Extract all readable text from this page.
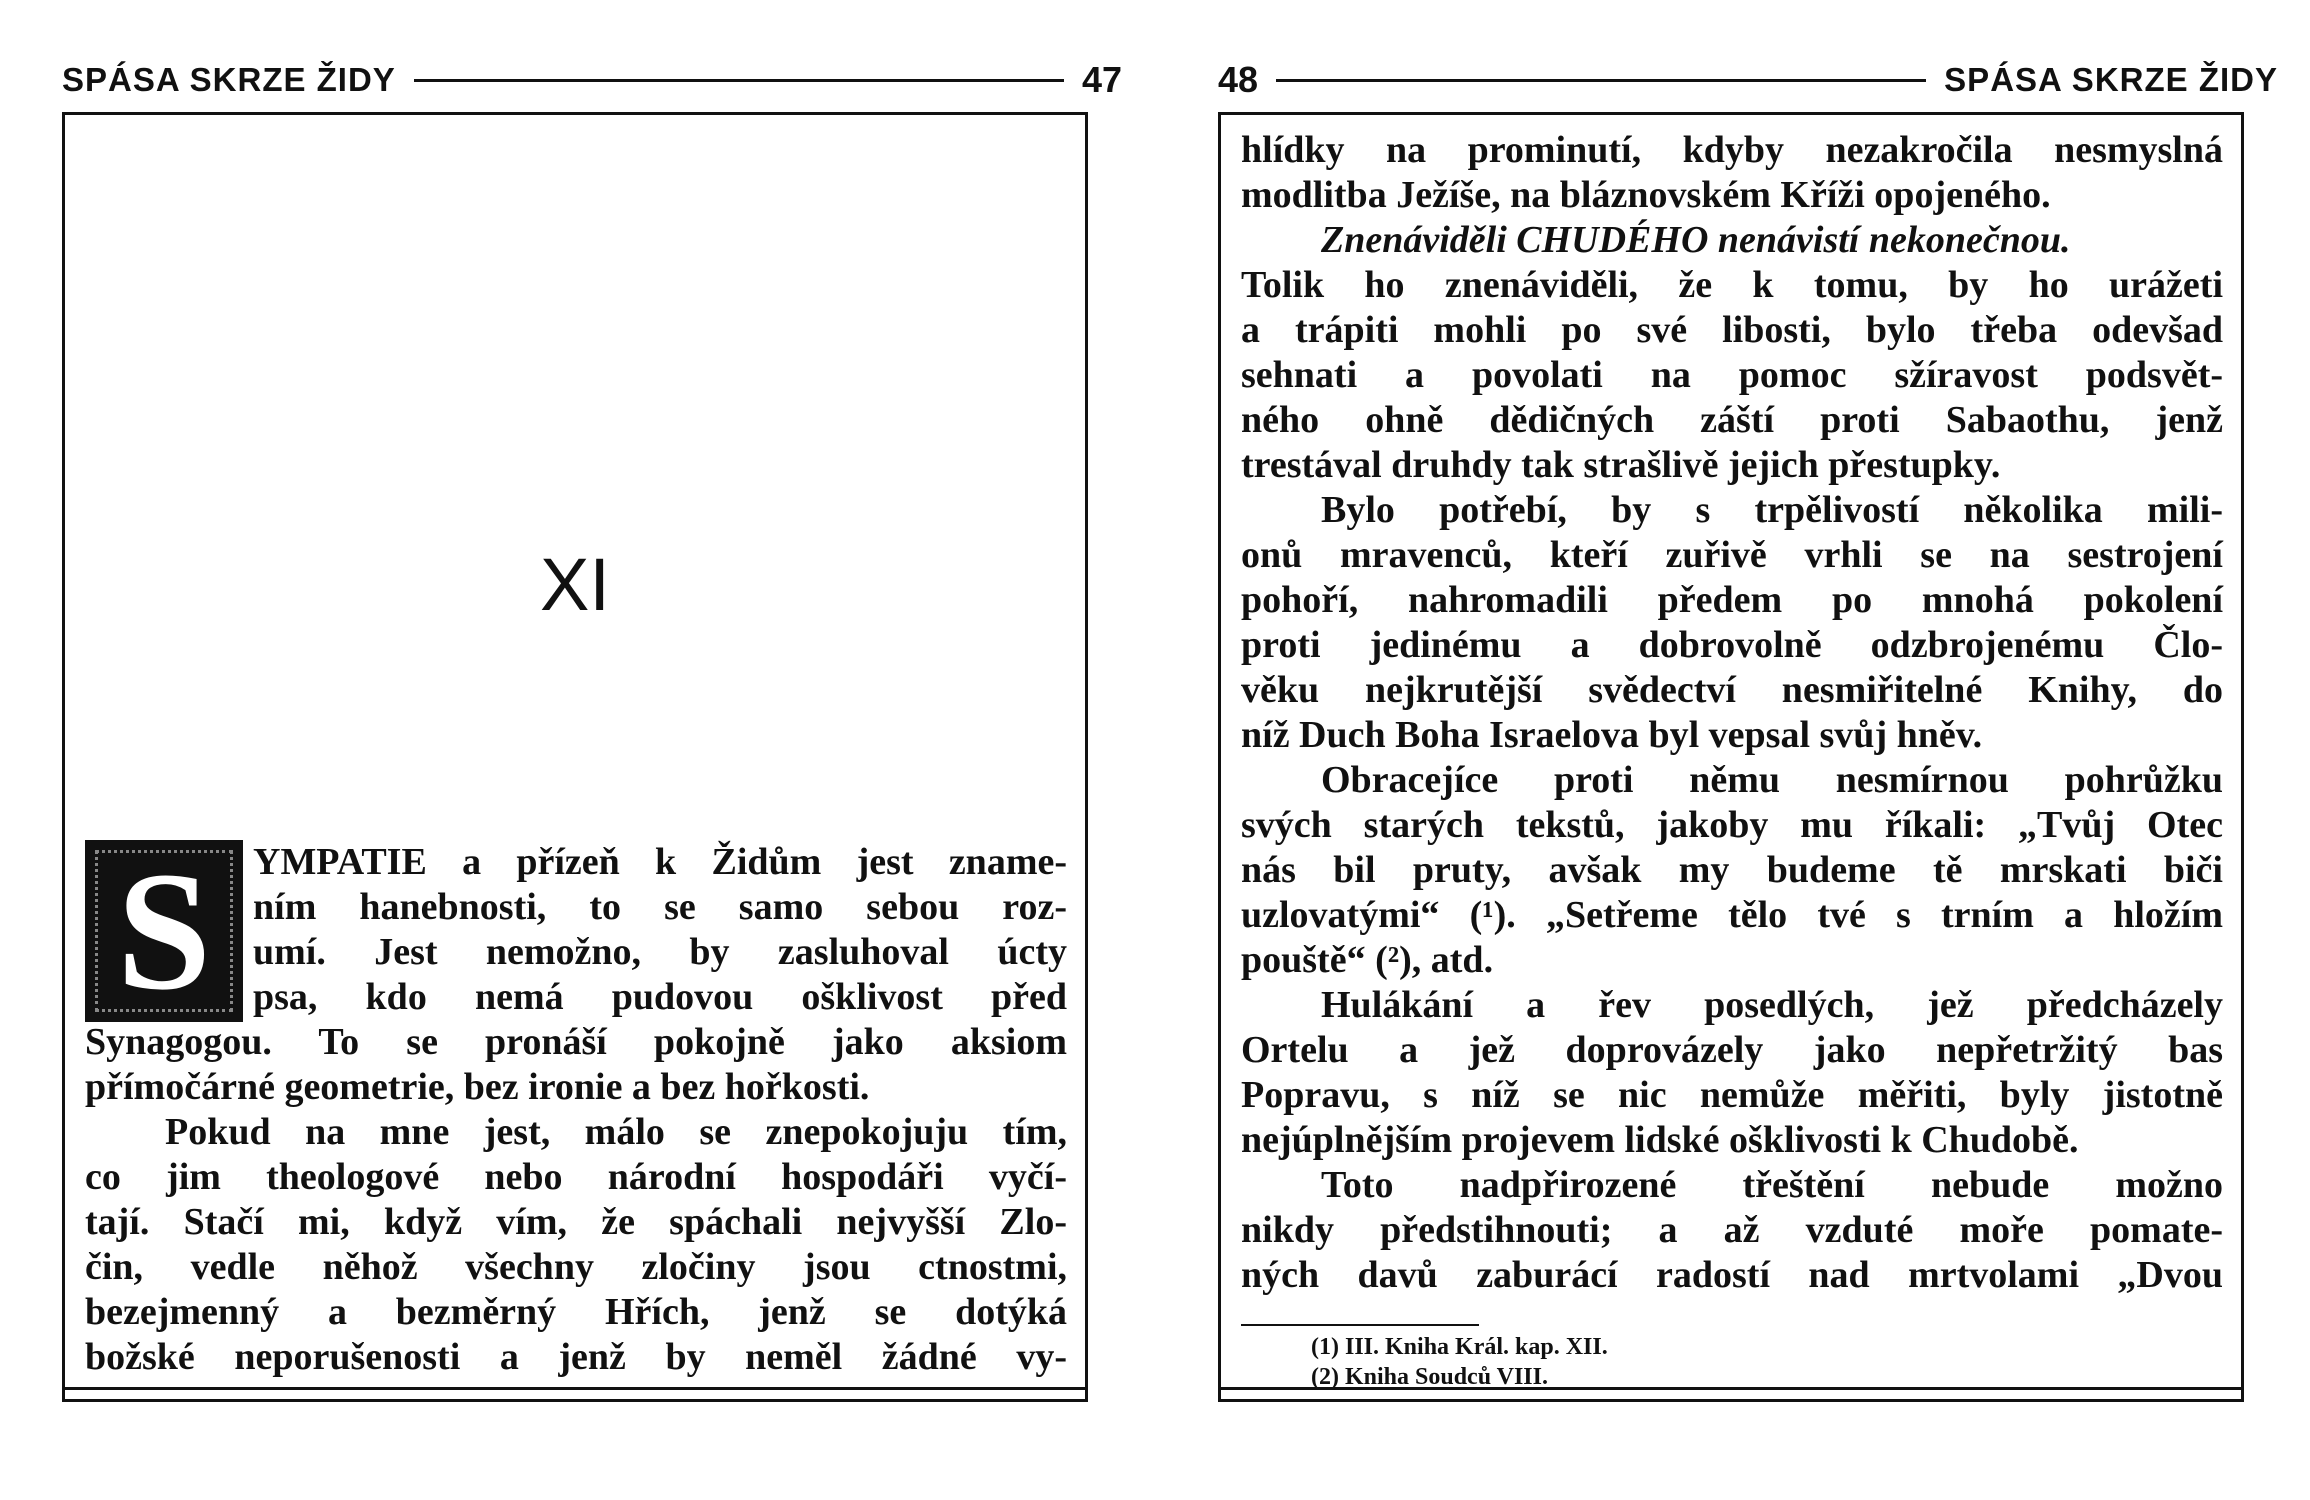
SPÁSA SKRZE ŽIDY	47
XI
S	YMPATIE a přízeň k Židům jest zname-
ním hanebnosti, to se samo sebou roz-
umí. Jest nemožno, by zasluhoval úcty
psa, kdo nemá pudovou ošklivost před
Synagogou. To se pronáší pokojně jako aksiom
přímočárné geometrie, bez ironie a bez hořkosti.
Pokud na mne jest, málo se znepokojuju tím,
co jim theologové nebo národní hospodáři vyčí-
tají. Stačí mi, když vím, že spáchali nejvyšší Zlo-
čin, vedle něhož všechny zločiny jsou ctnostmi,
bezejmenný a bezměrný Hřích, jenž se dotýká
božské neporušenosti a jenž by neměl žádné vy-
48	SPÁSA SKRZE ŽIDY
hlídky na prominutí, kdyby nezakročila nesmyslná
modlitba Ježíše, na bláznovském Kříži opojeného.
Znenáviděli CHUDÉHO nenávistí nekonečnou.
Tolik ho znenáviděli, že k tomu, by ho urážeti
a trápiti mohli po své libosti, bylo třeba odevšad
sehnati a povolati na pomoc sžíravost podsvět-
ného ohně dědičných záští proti Sabaothu, jenž
trestával druhdy tak strašlivě jejich přestupky.
Bylo potřebí, by s trpělivostí několika mili-
onů mravenců, kteří zuřivě vrhli se na sestrojení
pohoří, nahromadili předem po mnohá pokolení
proti jedinému a dobrovolně odzbrojenému Člo-
věku nejkrutější svědectví nesmiřitelné Knihy, do
níž Duch Boha Israelova byl vepsal svůj hněv.
Obracejíce proti němu nesmírnou pohrůžku
svých starých tekstů, jakoby mu říkali: „Tvůj Otec
nás bil pruty, avšak my budeme tě mrskati biči
uzlovatými“ (¹). „Setřeme tělo tvé s trním a hložím
pouště“ (²), atd.
Hulákání a řev posedlých, jež předcházely
Ortelu a jež doprovázely jako nepřetržitý bas
Popravu, s níž se nic nemůže měřiti, byly jistotně
nejúplnějším projevem lidské ošklivosti k Chudobě.
Toto nadpřirozené třeštění nebude možno
nikdy předstihnouti; a až vzduté moře pomate-
ných davů zaburácí radostí nad mrtvolami „Dvou
(1) III. Kniha Král. kap. XII.
(2) Kniha Soudců VIII.
